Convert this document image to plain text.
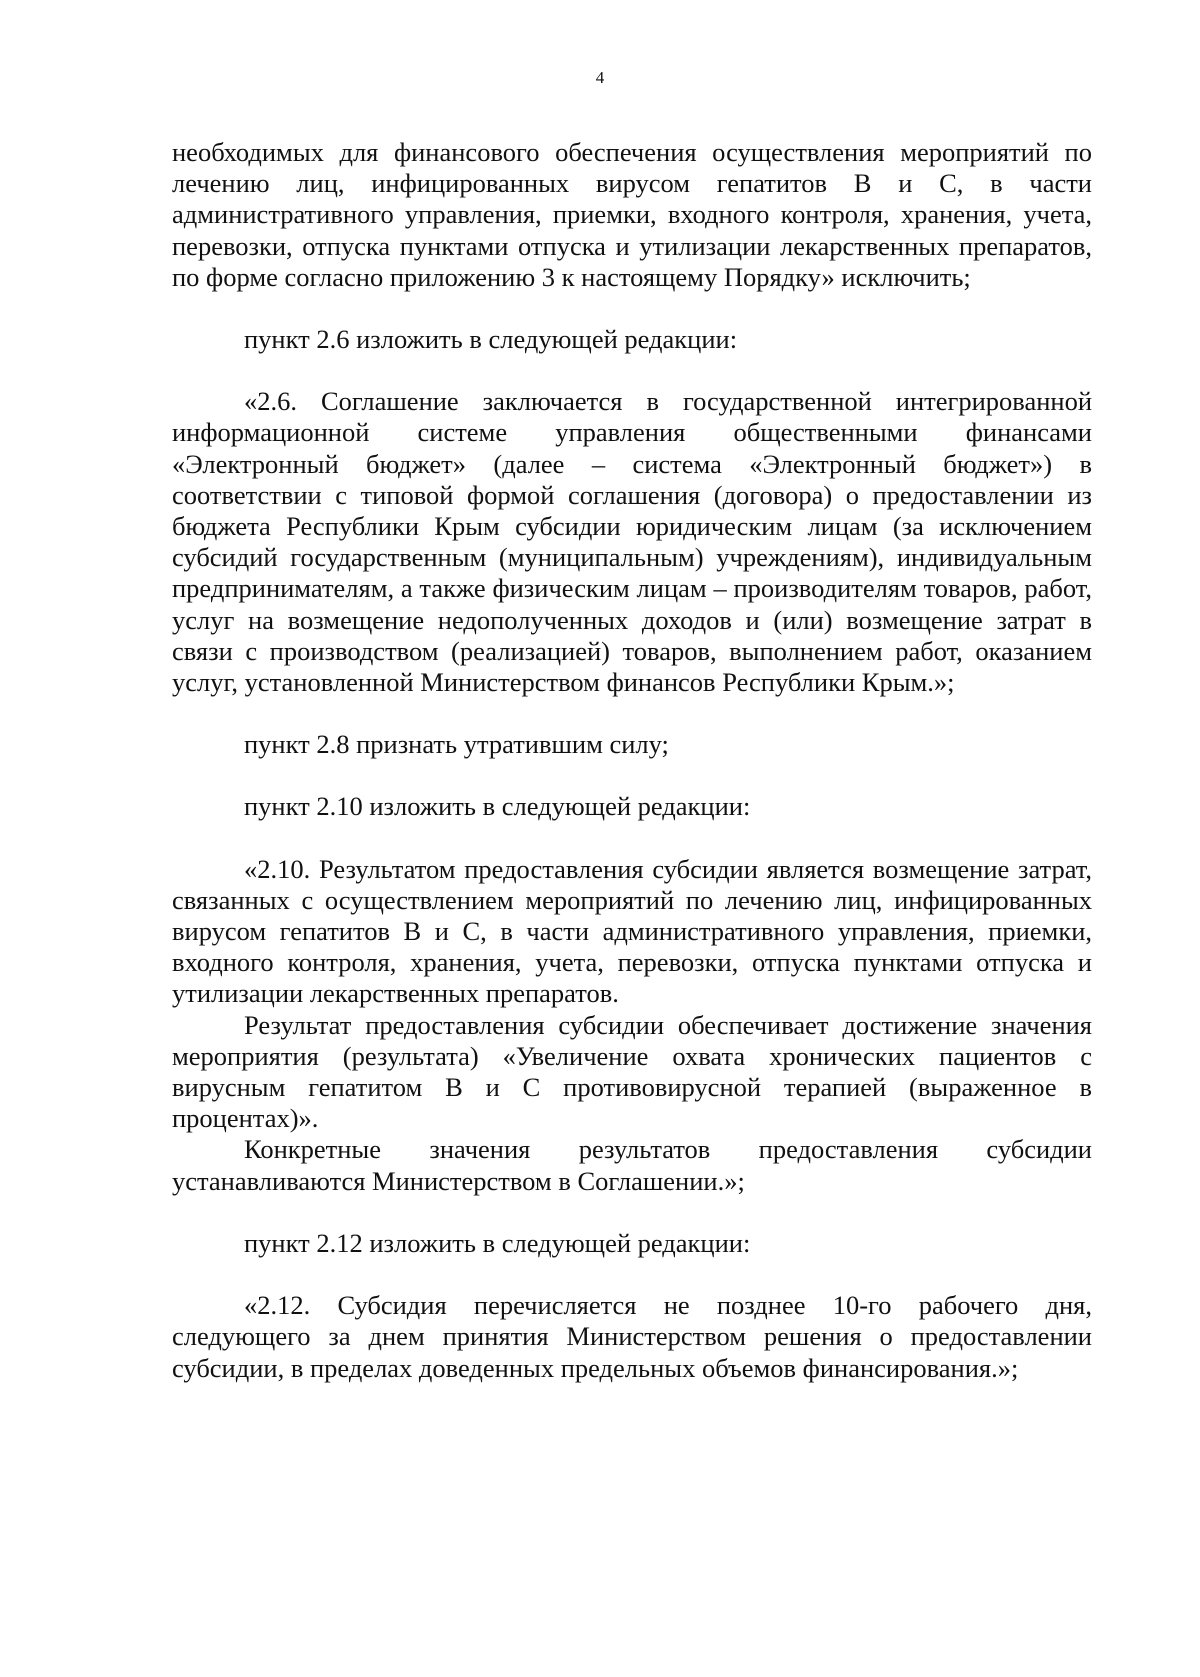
4

необходимых для финансового обеспечения осуществления мероприятий по лечению лиц, инфицированных вирусом гепатитов В и С, в части административного управления, приемки, входного контроля, хранения, учета, перевозки, отпуска пунктами отпуска и утилизации лекарственных препаратов, по форме согласно приложению 3 к настоящему Порядку» исключить;

пункт 2.6 изложить в следующей редакции:

«2.6. Соглашение заключается в государственной интегрированной информационной системе управления общественными финансами «Электронный бюджет» (далее – система «Электронный бюджет») в соответствии с типовой формой соглашения (договора) о предоставлении из бюджета Республики Крым субсидии юридическим лицам (за исключением субсидий государственным (муниципальным) учреждениям), индивидуальным предпринимателям, а также физическим лицам – производителям товаров, работ, услуг на возмещение недополученных доходов и (или) возмещение затрат в связи с производством (реализацией) товаров, выполнением работ, оказанием услуг, установленной Министерством финансов Республики Крым.»;

пункт 2.8 признать утратившим силу;

пункт 2.10 изложить в следующей редакции:

«2.10. Результатом предоставления субсидии является возмещение затрат, связанных с осуществлением мероприятий по лечению лиц, инфицированных вирусом гепатитов В и С, в части административного управления, приемки, входного контроля, хранения, учета, перевозки, отпуска пунктами отпуска и утилизации лекарственных препаратов.

Результат предоставления субсидии обеспечивает достижение значения мероприятия (результата) «Увеличение охвата хронических пациентов с вирусным гепатитом В и С противовирусной терапией (выраженное в процентах)».

Конкретные значения результатов предоставления субсидии устанавливаются Министерством в Соглашении.»;

пункт 2.12 изложить в следующей редакции:

«2.12. Субсидия перечисляется не позднее 10-го рабочего дня, следующего за днем принятия Министерством решения о предоставлении субсидии, в пределах доведенных предельных объемов финансирования.»;
